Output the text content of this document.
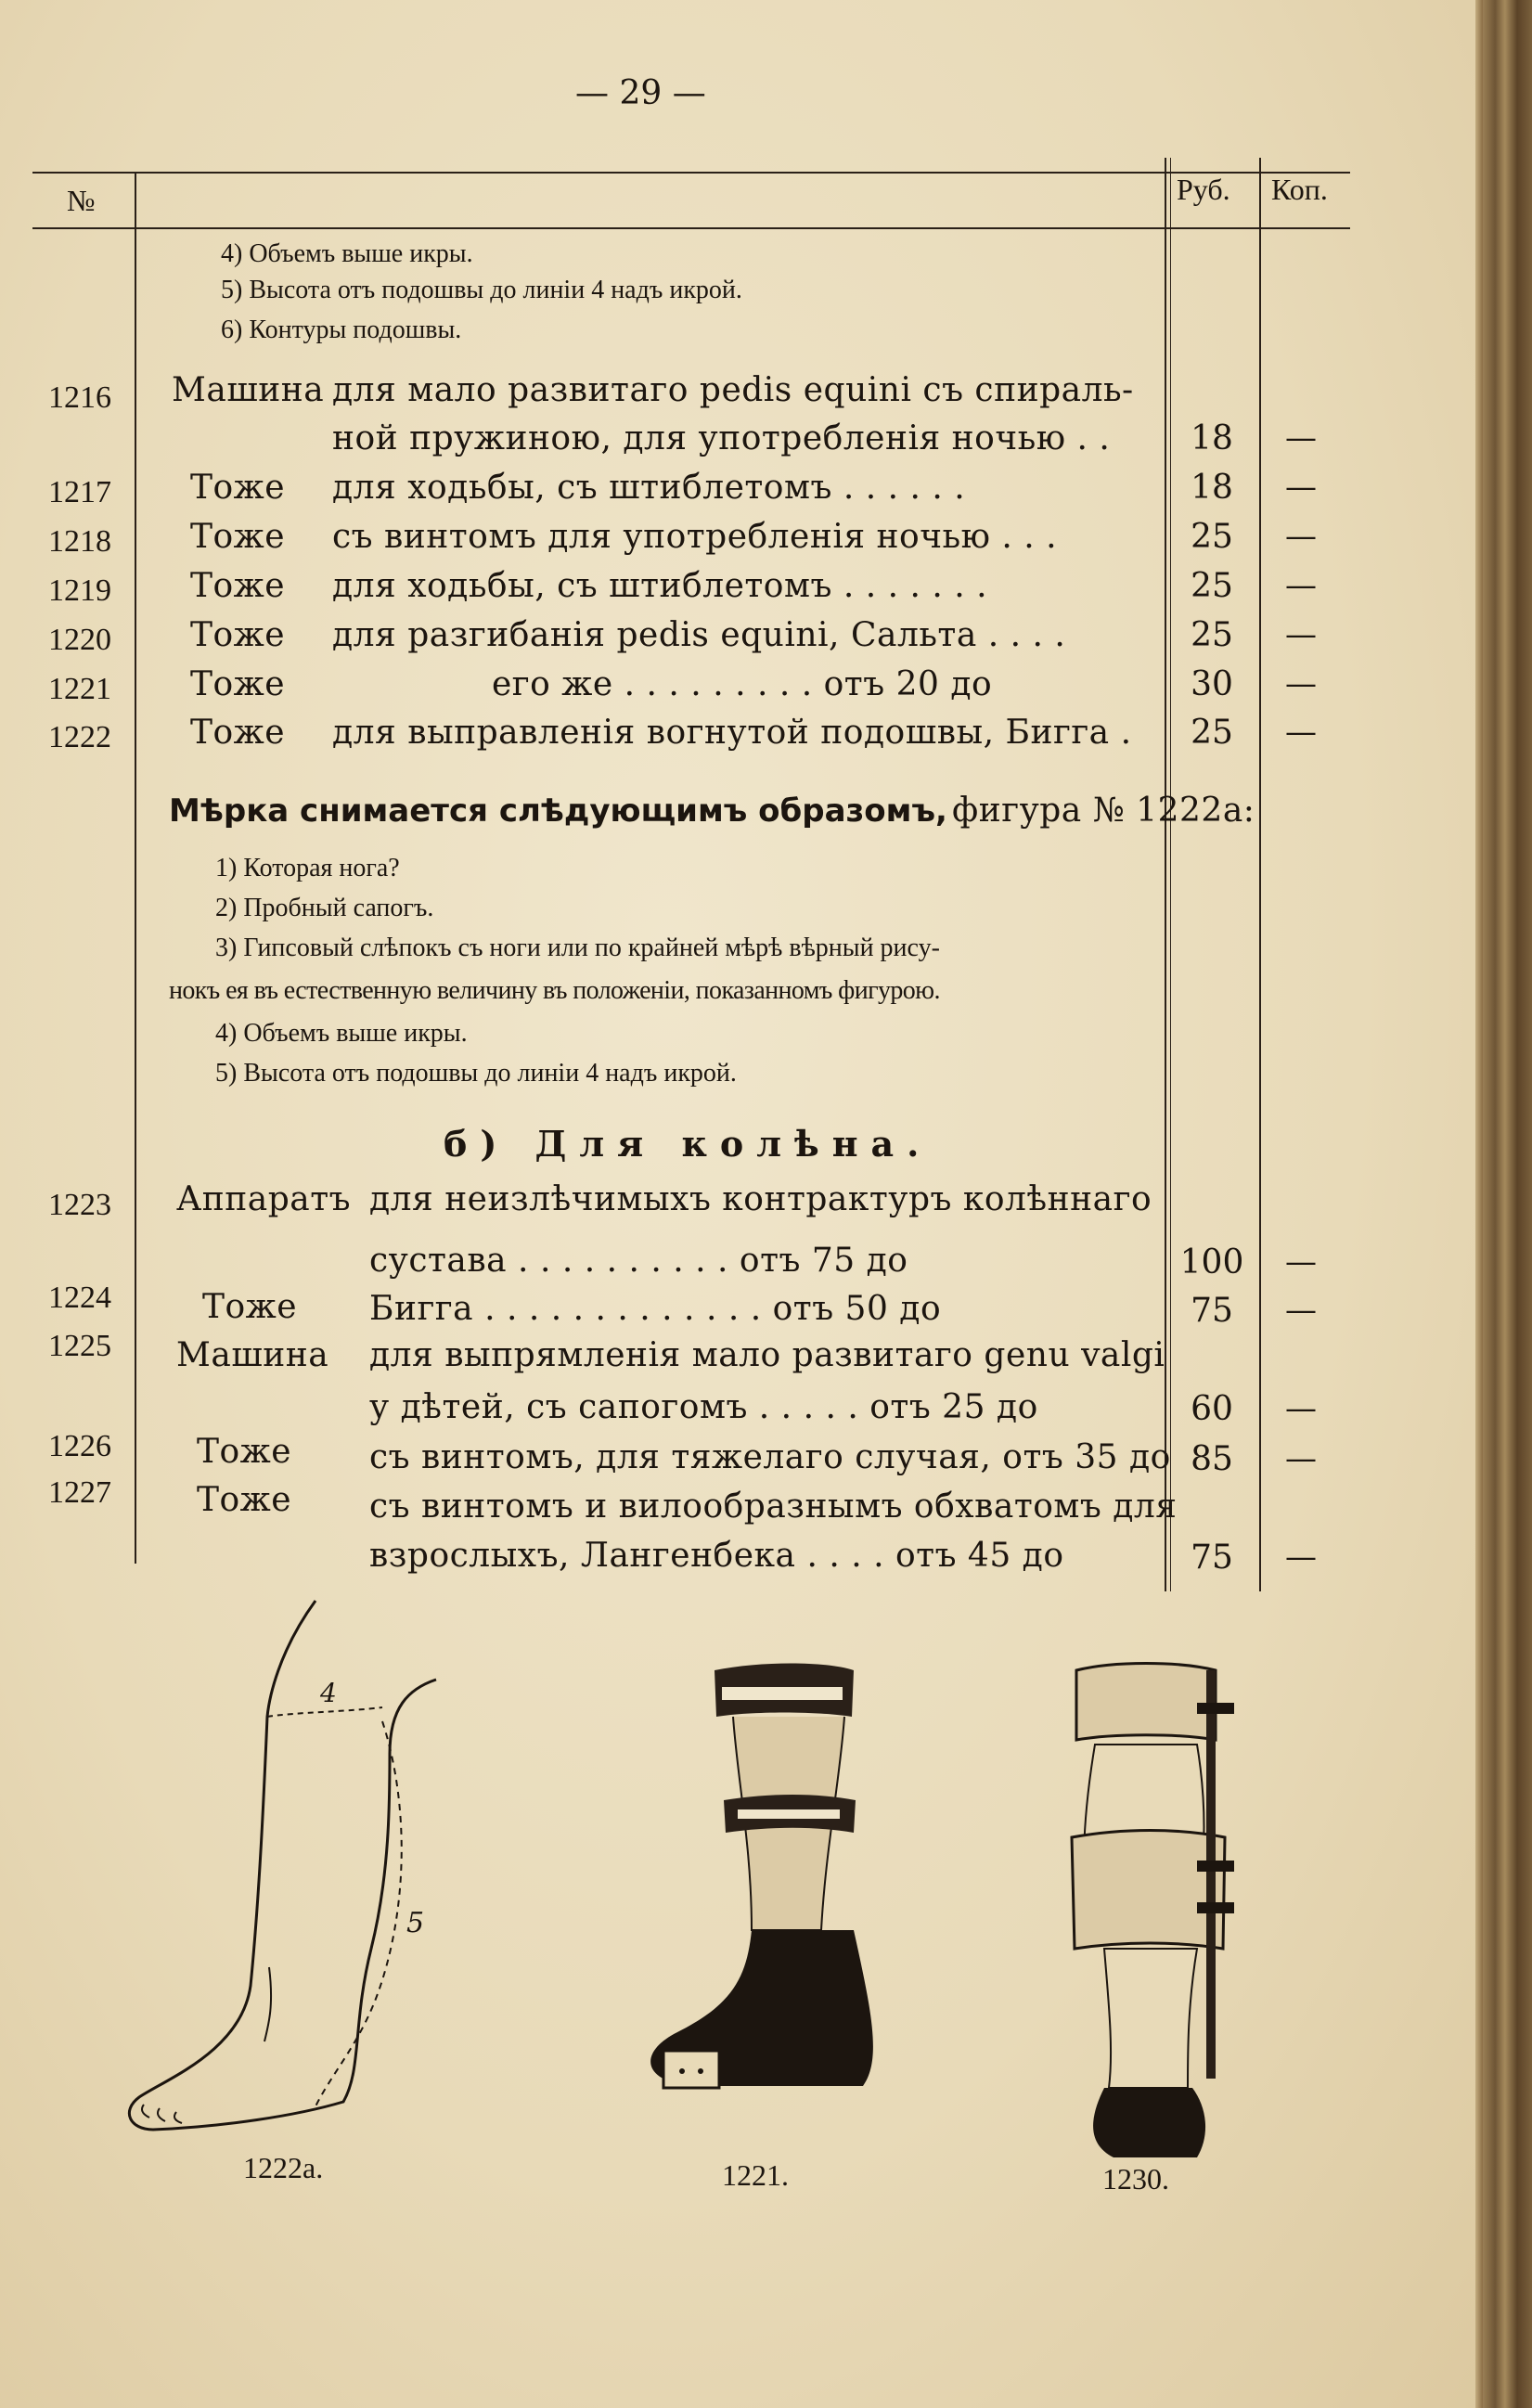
— 29 —
№	Руб. Коп.
4) Объемъ выше икры.
5) Высота отъ подошвы до линіи 4 надъ икрой.
6) Контуры подошвы.
1216 Машина для мало развитаго pedis equini съ спираль-
ной пружиною, для употребленія ночью . .	18	—
1217 Тоже для ходьбы, съ штиблетомъ . . . . . .	18	—
1218 Тоже съ винтомъ для употребленія ночью . . .	25	—
1219 Тоже для ходьбы, съ штиблетомъ . . . . . . .	25	—
1220 Тоже для разгибанія pedis equini, Сальта . . . .	25	—
1221 Тоже	его же . . . . . . . . . отъ 20 до	30	—
1222 Тоже для выправленія вогнутой подошвы, Бигга .	25	—
Мѣрка снимается слѣдующимъ образомъ, фигура № 1222а:
1) Которая нога?
2) Пробный сапогъ.
3) Гипсовый слѣпокъ съ ноги или по крайней мѣрѣ вѣрный рису-
нокъ ея въ естественную величину въ положеніи, показанномъ фигурою.
4) Объемъ выше икры.
5) Высота отъ подошвы до линіи 4 надъ икрой.
б) Для колѣна.
1223 Аппаратъ для неизлѣчимыхъ контрактуръ колѣннаго
сустава . . . . . . . . . . отъ 75 до	100	—
1224	Тоже Бигга . . . . . . . . . . . . . отъ 50 до	75	—
1225 Машина для выпрямленія мало развитаго genu valgi
у дѣтей, съ сапогомъ . . . . . отъ 25 до	60	—
1226	Тоже съ винтомъ, для тяжелаго случая, отъ 35 до 85	—
1227	Тоже съ винтомъ и вилообразнымъ обхватомъ для
взрослыхъ, Лангенбека . . . . отъ 45 до	75	—
4
5
1222а.	1221.	1230.
